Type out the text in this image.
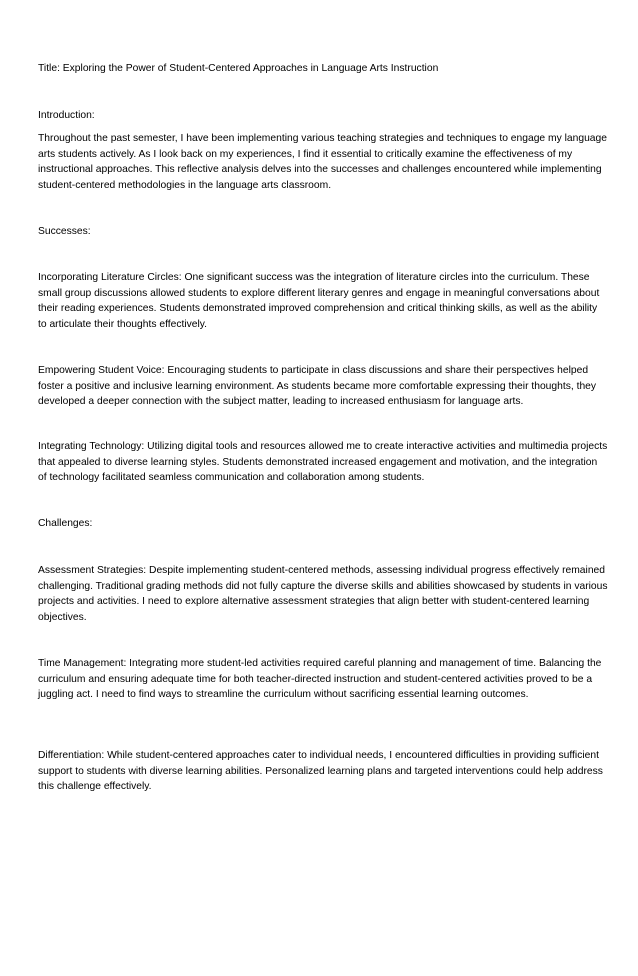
Title: Exploring the Power of Student-Centered Approaches in Language Arts Instruction

Introduction:

Throughout the past semester, I have been implementing various teaching strategies and techniques to engage my language arts students actively. As I look back on my experiences, I find it essential to critically examine the effectiveness of my instructional approaches. This reflective analysis delves into the successes and challenges encountered while implementing student-centered methodologies in the language arts classroom.

Successes:

Incorporating Literature Circles: One significant success was the integration of literature circles into the curriculum. These small group discussions allowed students to explore different literary genres and engage in meaningful conversations about their reading experiences. Students demonstrated improved comprehension and critical thinking skills, as well as the ability to articulate their thoughts effectively.

Empowering Student Voice: Encouraging students to participate in class discussions and share their perspectives helped foster a positive and inclusive learning environment. As students became more comfortable expressing their thoughts, they developed a deeper connection with the subject matter, leading to increased enthusiasm for language arts.

Integrating Technology: Utilizing digital tools and resources allowed me to create interactive activities and multimedia projects that appealed to diverse learning styles. Students demonstrated increased engagement and motivation, and the integration of technology facilitated seamless communication and collaboration among students.

Challenges:

Assessment Strategies: Despite implementing student-centered methods, assessing individual progress effectively remained challenging. Traditional grading methods did not fully capture the diverse skills and abilities showcased by students in various projects and activities. I need to explore alternative assessment strategies that align better with student-centered learning objectives.

Time Management: Integrating more student-led activities required careful planning and management of time. Balancing the curriculum and ensuring adequate time for both teacher-directed instruction and student-centered activities proved to be a juggling act. I need to find ways to streamline the curriculum without sacrificing essential learning outcomes.

Differentiation: While student-centered approaches cater to individual needs, I encountered difficulties in providing sufficient support to students with diverse learning abilities. Personalized learning plans and targeted interventions could help address this challenge effectively.
